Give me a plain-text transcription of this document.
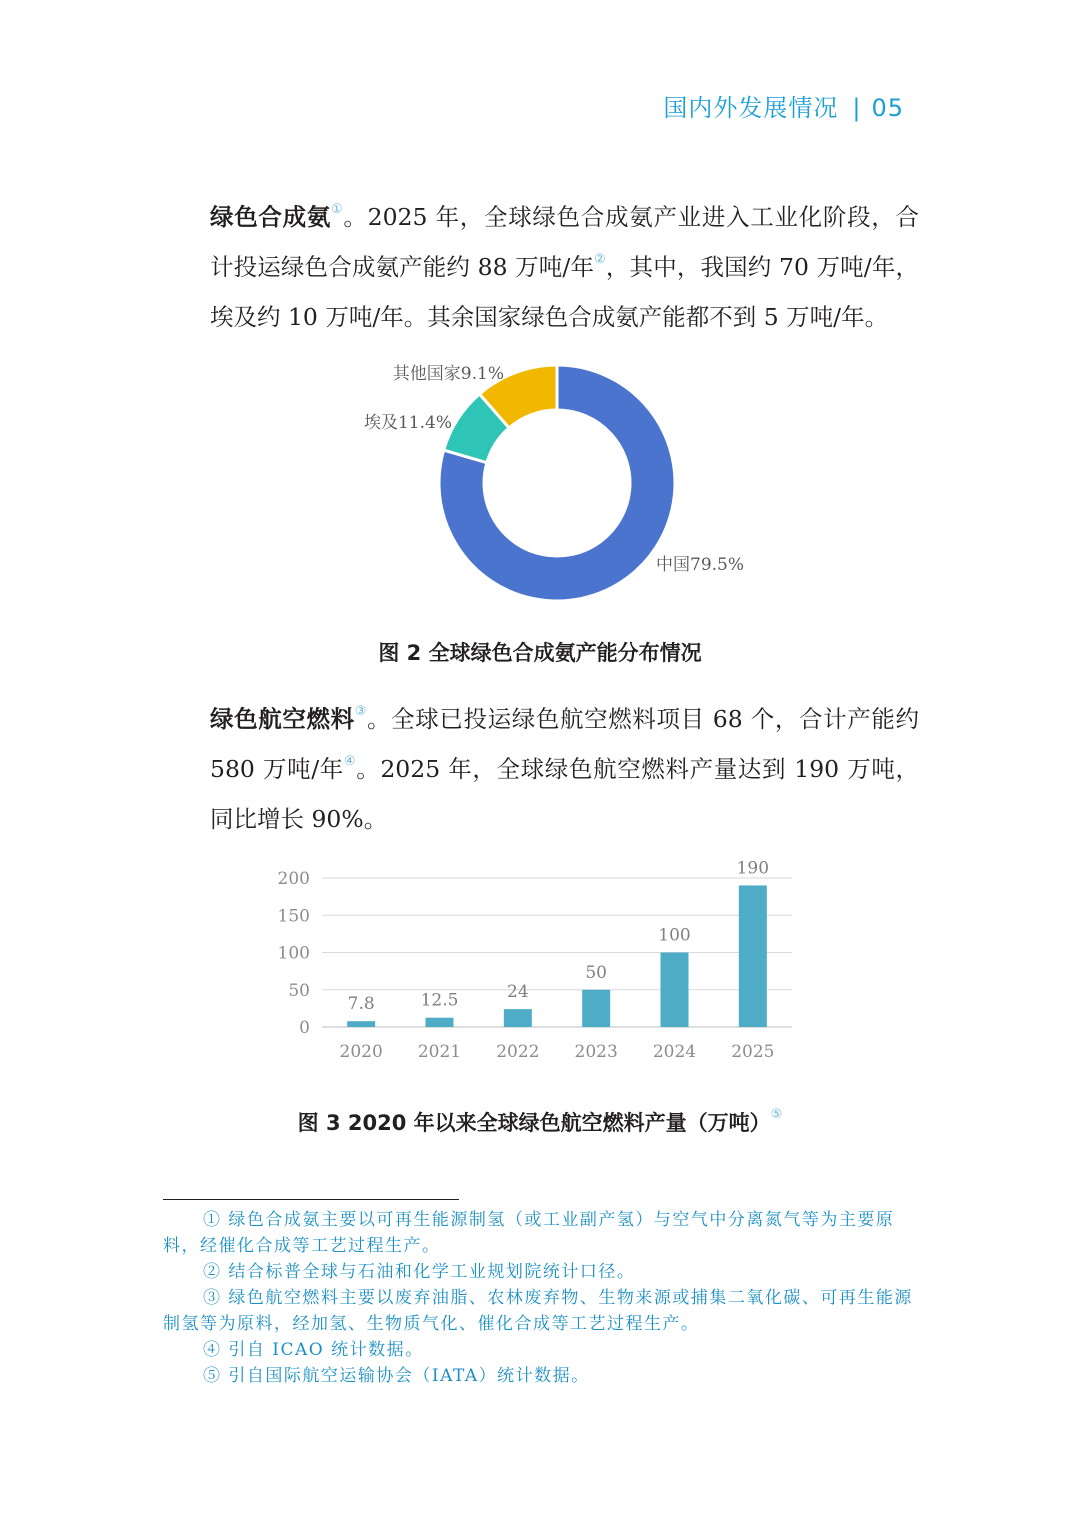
国内外发展情况 | 05
绿色合成氨①。2025 年，全球绿色合成氨产业进入工业化阶段，合计投运绿色合成氨产能约 88 万吨/年②，其中，我国约 70 万吨/年，埃及约 10 万吨/年。其余国家绿色合成氨产能都不到 5 万吨/年。
中国79.5%
其他国家9.1%
埃及11.4%
图 2 全球绿色合成氨产能分布情况
绿色航空燃料③。全球已投运绿色航空燃料项目 68 个，合计产能约 580 万吨/年④。2025 年，全球绿色航空燃料产量达到 190 万吨，同比增长 90%。
0
50
100
150
200
7.8	12.5	24
50
100
190
2020 2021 2022 2023 2024 2025
图 3 2020 年以来全球绿色航空燃料产量（万吨）⑤

① 绿色合成氨主要以可再生能源制氢（或工业副产氢）与空气中分离氮气等为主要原料，经催化合成等工艺过程生产。

② 结合标普全球与石油和化学工业规划院统计口径。

③ 绿色航空燃料主要以废弃油脂、农林废弃物、生物来源或捕集二氧化碳、可再生能源制氢等为原料，经加氢、生物质气化、催化合成等工艺过程生产。

④ 引自 ICAO 统计数据。

⑤ 引自国际航空运输协会（IATA）统计数据。
